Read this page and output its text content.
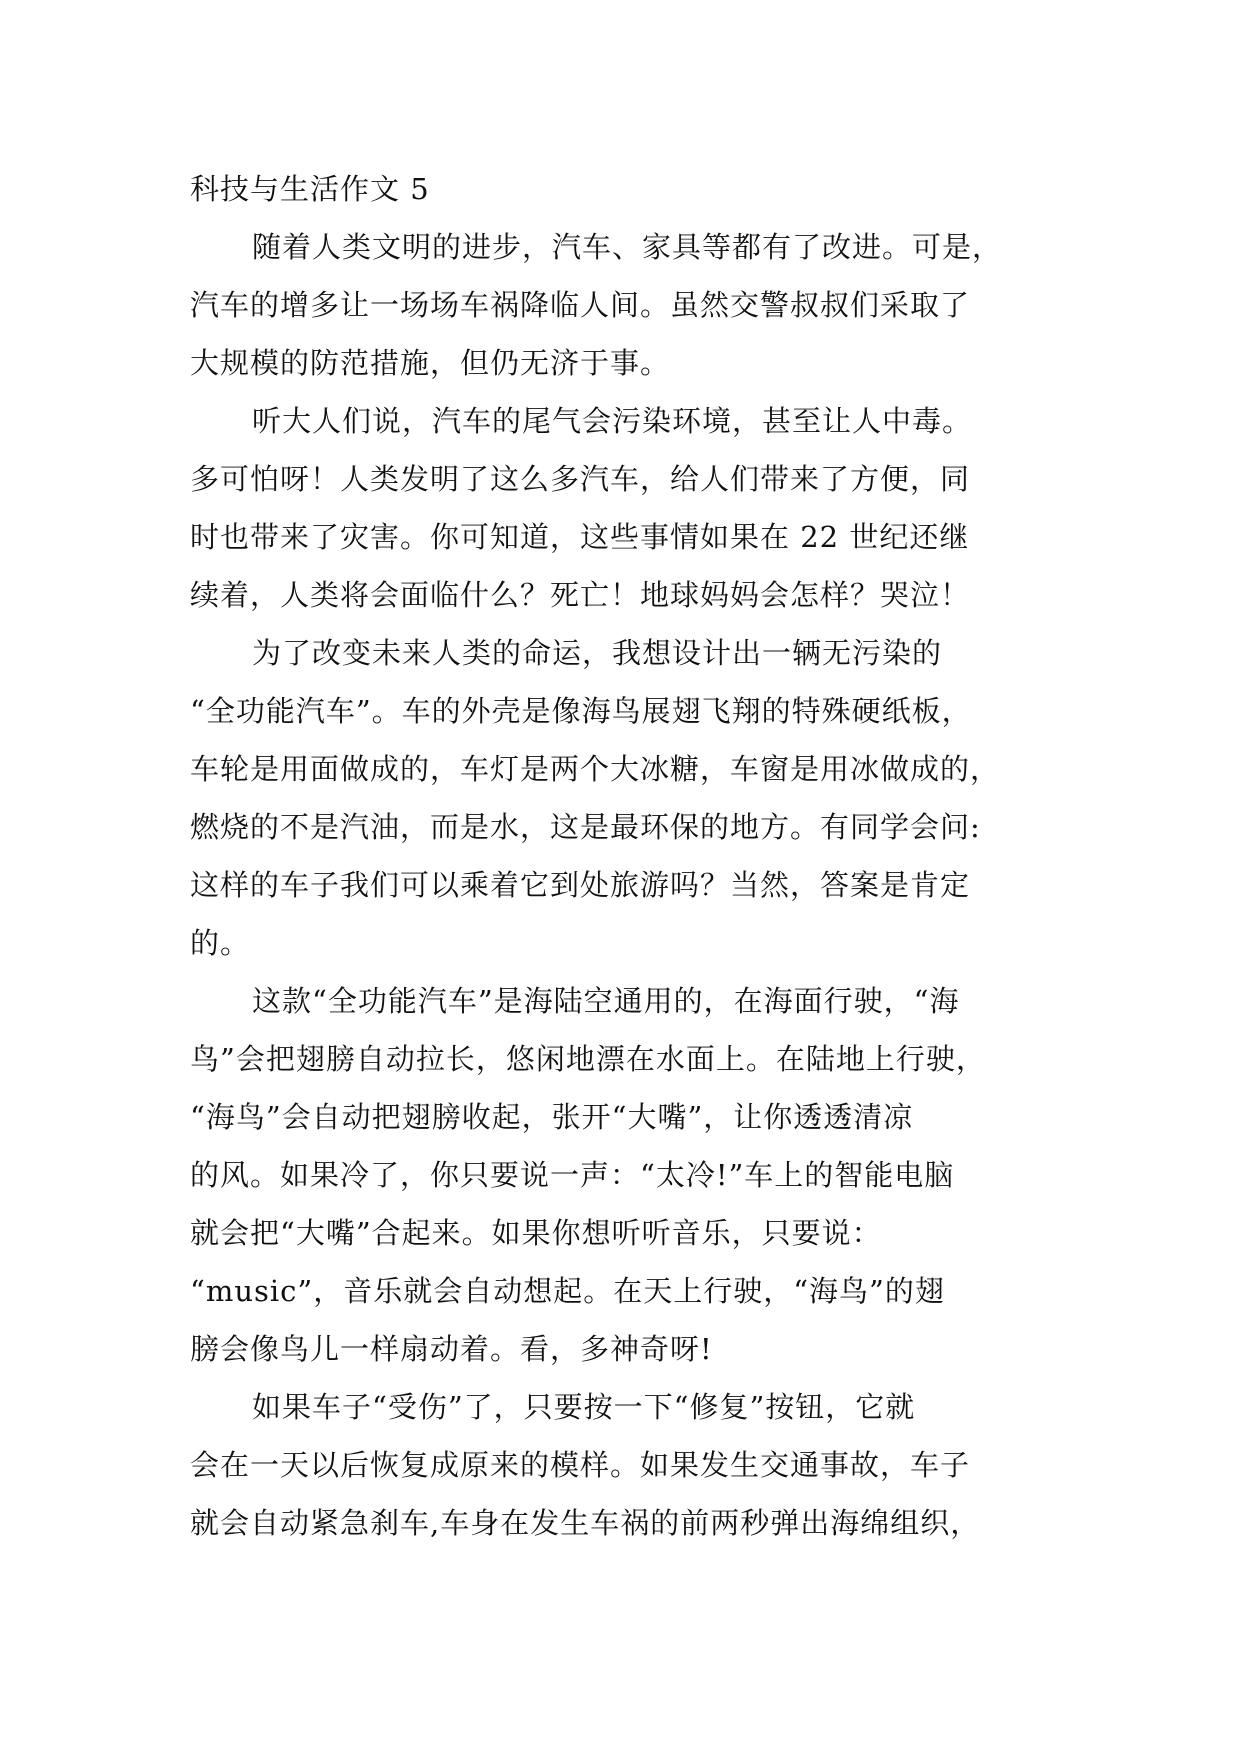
科技与生活作文 5

随着人类文明的进步，汽车、家具等都有了改进。可是，

汽车的增多让一场场车祸降临人间。虽然交警叔叔们采取了

大规模的防范措施，但仍无济于事。

听大人们说，汽车的尾气会污染环境，甚至让人中毒。

多可怕呀！人类发明了这么多汽车，给人们带来了方便，同

时也带来了灾害。你可知道，这些事情如果在 22 世纪还继

续着，人类将会面临什么？死亡！地球妈妈会怎样？哭泣！

为了改变未来人类的命运，我想设计出一辆无污染的

“全功能汽车”。车的外壳是像海鸟展翅飞翔的特殊硬纸板，

车轮是用面做成的，车灯是两个大冰糖，车窗是用冰做成的，

燃烧的不是汽油，而是水，这是最环保的地方。有同学会问:

这样的车子我们可以乘着它到处旅游吗？当然，答案是肯定

的。

这款“全功能汽车”是海陆空通用的，在海面行驶，“海

鸟”会把翅膀自动拉长，悠闲地漂在水面上。在陆地上行驶，

“海鸟”会自动把翅膀收起，张开“大嘴”，让你透透清凉

的风。如果冷了，你只要说一声：“太冷!”车上的智能电脑

就会把“大嘴”合起来。如果你想听听音乐，只要说：

“music”，音乐就会自动想起。在天上行驶，“海鸟”的翅

膀会像鸟儿一样扇动着。看，多神奇呀!

如果车子“受伤”了，只要按一下“修复”按钮，它就

会在一天以后恢复成原来的模样。如果发生交通事故，车子

就会自动紧急刹车,车身在发生车祸的前两秒弹出海绵组织，
